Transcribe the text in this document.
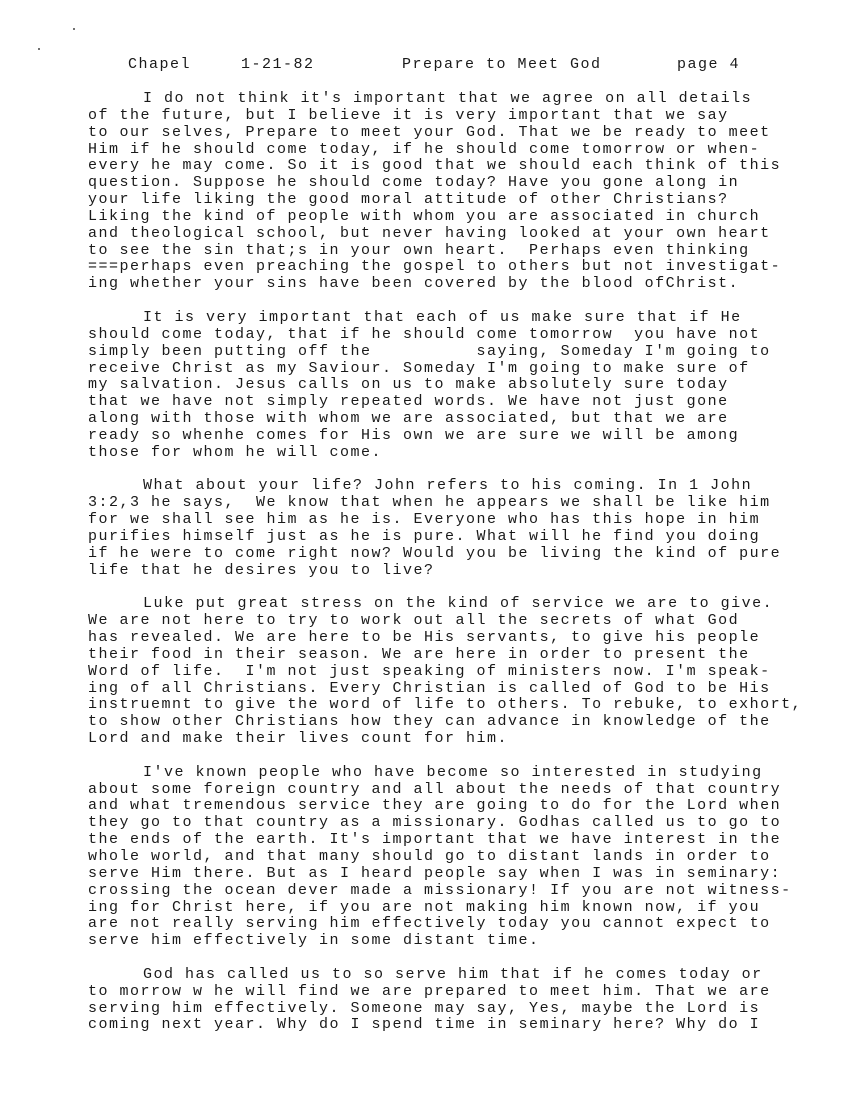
Chapel	1-21-82	Prepare to Meet God	page 4
I do not think it's important that we agree on all details
of the future, but I believe it is very important that we say
to our selves, Prepare to meet your God. That we be ready to meet
Him if he should come today, if he should come tomorrow or when-
every he may come. So it is good that we should each think of this
question. Suppose he should come today? Have you gone along in
your life liking the good moral attitude of other Christians?
Liking the kind of people with whom you are associated in church
and theological school, but never having looked at your own heart
to see the sin that;s in your own heart.  Perhaps even thinking
===perhaps even preaching the gospel to others but not investigat-
ing whether your sins have been covered by the blood ofChrist.
It is very important that each of us make sure that if He
should come today, that if he should come tomorrow  you have not
simply been putting off the          saying, Someday I'm going to
receive Christ as my Saviour. Someday I'm going to make sure of
my salvation. Jesus calls on us to make absolutely sure today
that we have not simply repeated words. We have not just gone
along with those with whom we are associated, but that we are
ready so whenhe comes for His own we are sure we will be among
those for whom he will come.
What about your life? John refers to his coming. In 1 John
3:2,3 he says,  We know that when he appears we shall be like him
for we shall see him as he is. Everyone who has this hope in him
purifies himself just as he is pure. What will he find you doing
if he were to come right now? Would you be living the kind of pure
life that he desires you to live?
Luke put great stress on the kind of service we are to give.
We are not here to try to work out all the secrets of what God
has revealed. We are here to be His servants, to give his people
their food in their season. We are here in order to present the
Word of life.  I'm not just speaking of ministers now. I'm speak-
ing of all Christians. Every Christian is called of God to be His
instruemnt to give the word of life to others. To rebuke, to exhort,
to show other Christians how they can advance in knowledge of the
Lord and make their lives count for him.
I've known people who have become so interested in studying
about some foreign country and all about the needs of that country
and what tremendous service they are going to do for the Lord when
they go to that country as a missionary. Godhas called us to go to
the ends of the earth. It's important that we have interest in the
whole world, and that many should go to distant lands in order to
serve Him there. But as I heard people say when I was in seminary:
crossing the ocean dever made a missionary! If you are not witness-
ing for Christ here, if you are not making him known now, if you
are not really serving him effectively today you cannot expect to
serve him effectively in some distant time.
God has called us to so serve him that if he comes today or
to morrow w he will find we are prepared to meet him. That we are
serving him effectively. Someone may say, Yes, maybe the Lord is
coming next year. Why do I spend time in seminary here? Why do I
